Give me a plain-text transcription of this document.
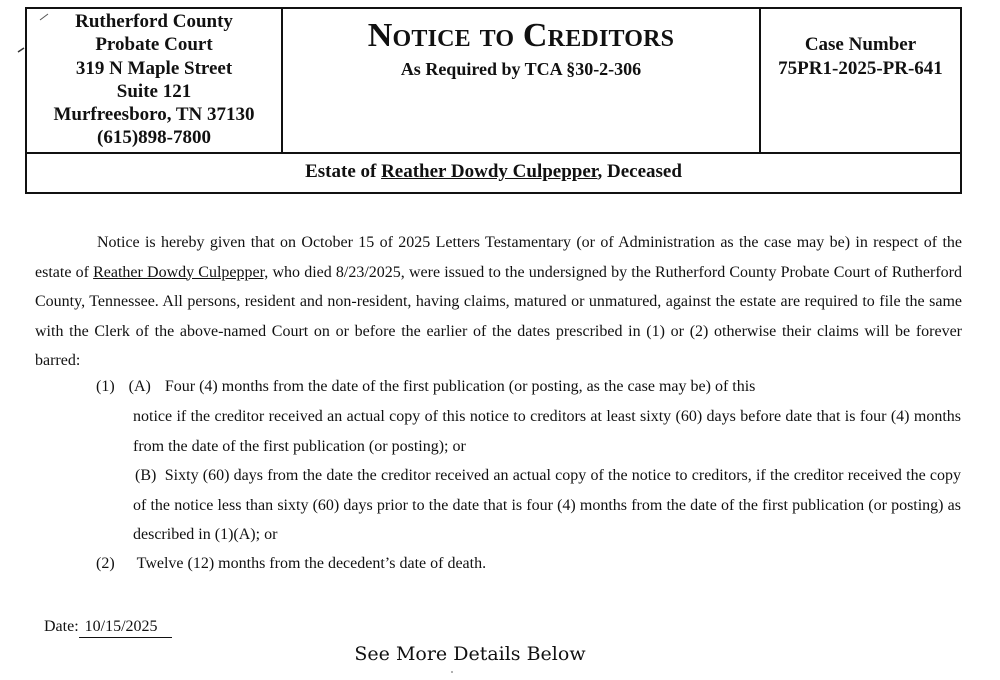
Rutherford County
Probate Court
319 N Maple Street
Suite 121
Murfreesboro, TN 37130
(615)898-7800
Notice to Creditors
As Required by TCA §30-2-306
Case Number
75PR1-2025-PR-641
Estate of Reather Dowdy Culpepper, Deceased

Notice is hereby given that on October 15 of 2025 Letters Testamentary (or of Administration as the case may be) in respect of the estate of Reather Dowdy Culpepper, who died 8/23/2025, were issued to the undersigned by the Rutherford County Probate Court of Rutherford County, Tennessee. All persons, resident and non-resident, having claims, matured or unmatured, against the estate are required to file the same with the Clerk of the above-named Court on or before the earlier of the dates prescribed in (1) or (2) otherwise their claims will be forever barred:

(1) (A) Four (4) months from the date of the first publication (or posting, as the case may be) of this
notice if the creditor received an actual copy of this notice to creditors at least sixty (60) days before date that is four (4) months from the date of the first publication (or posting); or
(B) Sixty (60) days from the date the creditor received an actual copy of the notice to creditors, if the creditor received the copy of the notice less than sixty (60) days prior to the date that is four (4) months from the date of the first publication (or posting) as described in (1)(A); or
(2) Twelve (12) months from the decedent’s date of death.
Date: 10/15/2025
See More Details Below
